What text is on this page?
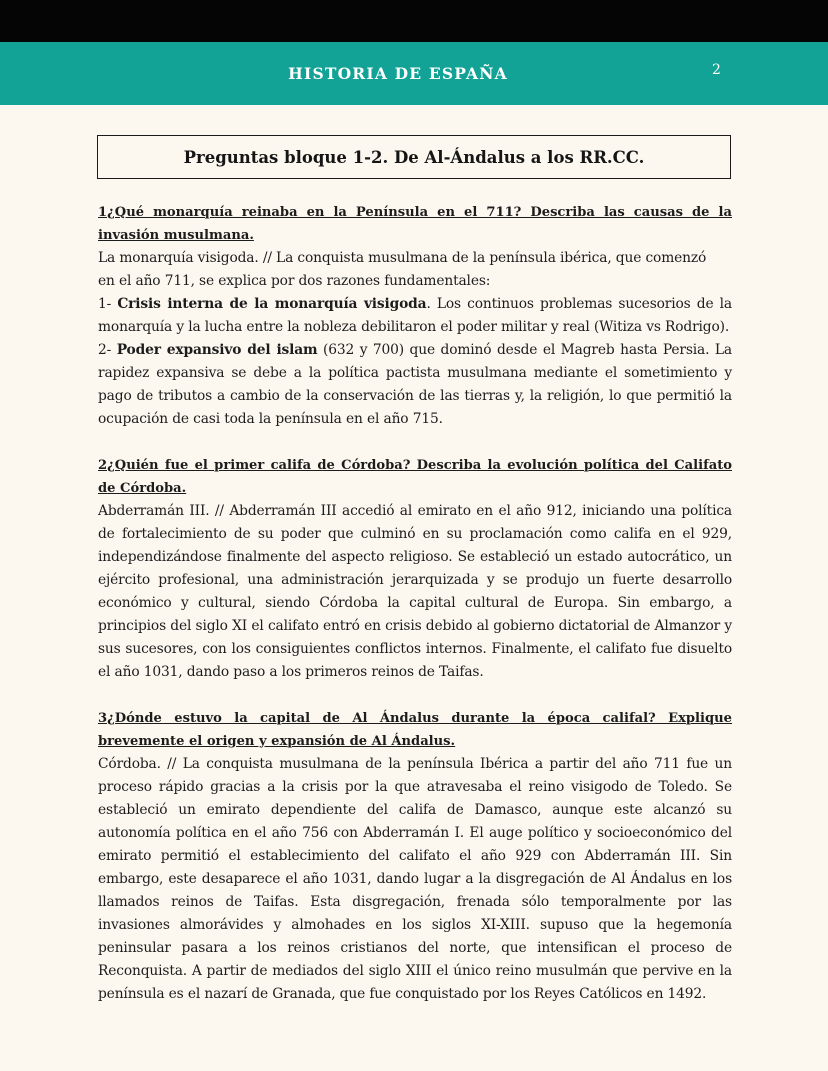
HISTORIA DE ESPAÑA	2
Preguntas bloque 1-2. De Al-Ándalus a los RR.CC.

1¿Qué monarquía reinaba en la Península en el 711? Describa las causas de la invasión musulmana.

La monarquía visigoda. // La conquista musulmana de la península ibérica, que comenzó
en el año 711, se explica por dos razones fundamentales:

1- Crisis interna de la monarquía visigoda. Los continuos problemas sucesorios de la monarquía y la lucha entre la nobleza debilitaron el poder militar y real (Witiza vs Rodrigo).

2- Poder expansivo del islam (632 y 700) que dominó desde el Magreb hasta Persia. La rapidez expansiva se debe a la política pactista musulmana mediante el sometimiento y pago de tributos a cambio de la conservación de las tierras y, la religión, lo que permitió la ocupación de casi toda la península en el año 715.

2¿Quién fue el primer califa de Córdoba? Describa la evolución política del Califato de Córdoba.

Abderramán III. // Abderramán III accedió al emirato en el año 912, iniciando una política de fortalecimiento de su poder que culminó en su proclamación como califa en el 929, independizándose finalmente del aspecto religioso. Se estableció un estado autocrático, un ejército profesional, una administración jerarquizada y se produjo un fuerte desarrollo económico y cultural, siendo Córdoba la capital cultural de Europa. Sin embargo, a principios del siglo XI el califato entró en crisis debido al gobierno dictatorial de Almanzor y sus sucesores, con los consiguientes conflictos internos. Finalmente, el califato fue disuelto el año 1031, dando paso a los primeros reinos de Taifas.

3¿Dónde estuvo la capital de Al Ándalus durante la época califal? Explique brevemente el origen y expansión de Al Ándalus.

Córdoba. // La conquista musulmana de la península Ibérica a partir del año 711 fue un proceso rápido gracias a la crisis por la que atravesaba el reino visigodo de Toledo. Se estableció un emirato dependiente del califa de Damasco, aunque este alcanzó su autonomía política en el año 756 con Abderramán I. El auge político y socioeconómico del emirato permitió el establecimiento del califato el año 929 con Abderramán III. Sin embargo, este desaparece el año 1031, dando lugar a la disgregación de Al Ándalus en los llamados reinos de Taifas. Esta disgregación, frenada sólo temporalmente por las invasiones almorávides y almohades en los siglos XI-XIII. supuso que la hegemonía peninsular pasara a los reinos cristianos del norte, que intensifican el proceso de Reconquista. A partir de mediados del siglo XIII el único reino musulmán que pervive en la península es el nazarí de Granada, que fue conquistado por los Reyes Católicos en 1492.
